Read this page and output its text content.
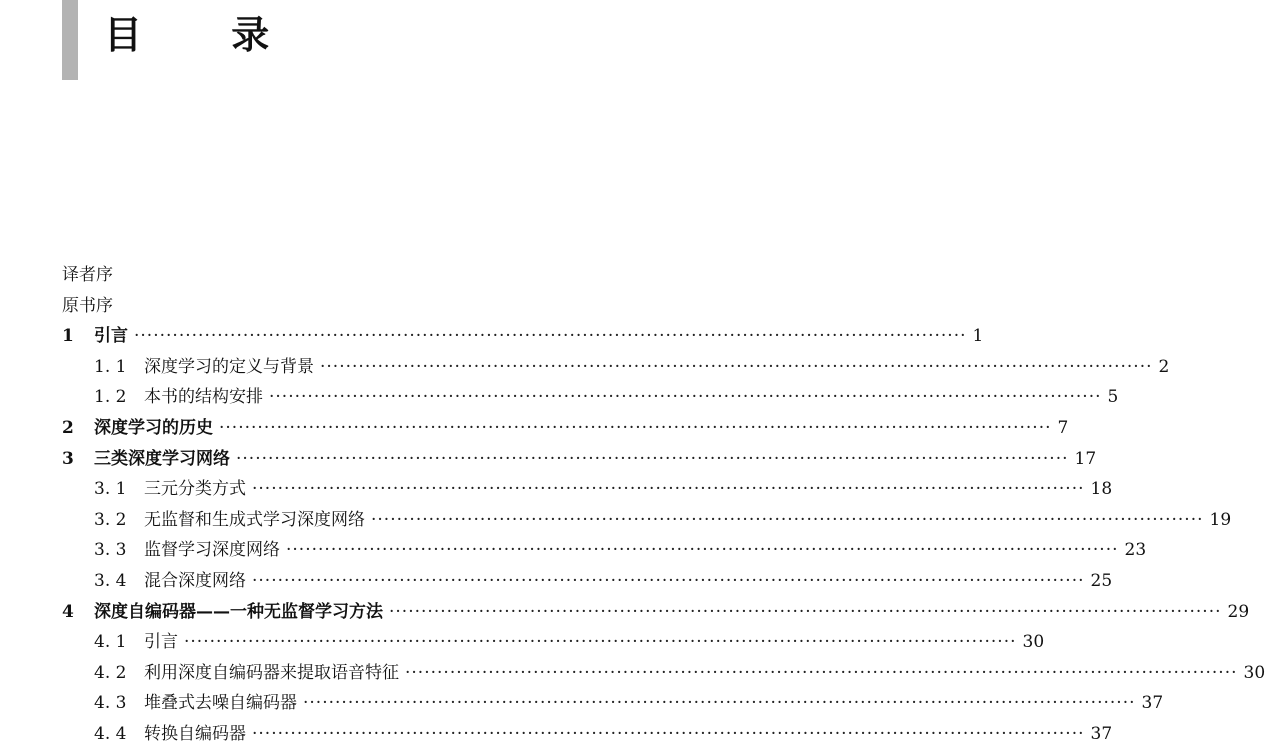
目 录
译者序
原书序
1	引言 ·································································································································· 1
1. 1	深度学习的定义与背景 ·································································································································· 2
1. 2	本书的结构安排 ·································································································································· 5
2	深度学习的历史 ·································································································································· 7
3	三类深度学习网络 ·································································································································· 17
3. 1	三元分类方式 ·································································································································· 18
3. 2	无监督和生成式学习深度网络 ·································································································································· 19
3. 3	监督学习深度网络 ·································································································································· 23
3. 4	混合深度网络 ·································································································································· 25
4	深度自编码器——一种无监督学习方法 ·································································································································· 29
4. 1	引言 ·································································································································· 30
4. 2	利用深度自编码器来提取语音特征 ·································································································································· 30
4. 3	堆叠式去噪自编码器 ·································································································································· 37
4. 4	转换自编码器 ·································································································································· 37
